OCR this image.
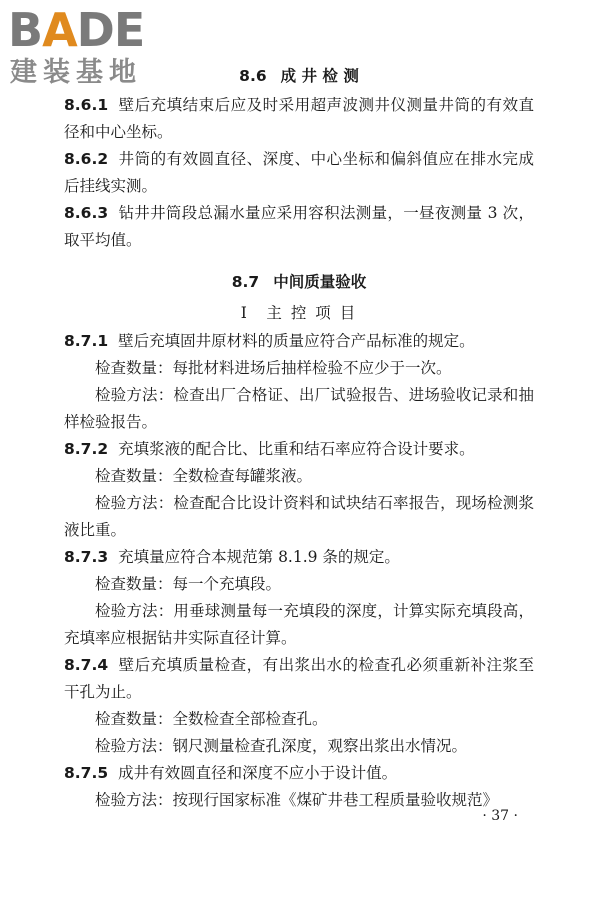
BADE
建装基地	8.6 成 井 检 测

8.6.1 壁后充填结束后应及时采用超声波测井仪测量井筒的有效直径和中心坐标。

8.6.2 井筒的有效圆直径、深度、中心坐标和偏斜值应在排水完成后挂线实测。

8.6.3 钻井井筒段总漏水量应采用容积法测量，一昼夜测量 3 次，取平均值。

8.7 中间质量验收

Ⅰ　主 控 项 目

8.7.1 壁后充填固井原材料的质量应符合产品标准的规定。

检查数量：每批材料进场后抽样检验不应少于一次。

检验方法：检查出厂合格证、出厂试验报告、进场验收记录和抽样检验报告。

8.7.2 充填浆液的配合比、比重和结石率应符合设计要求。

检查数量：全数检查每罐浆液。

检验方法：检查配合比设计资料和试块结石率报告，现场检测浆液比重。

8.7.3 充填量应符合本规范第 8.1.9 条的规定。

检查数量：每一个充填段。

检验方法：用垂球测量每一充填段的深度，计算实际充填段高，充填率应根据钻井实际直径计算。

8.7.4 壁后充填质量检查，有出浆出水的检查孔必须重新补注浆至干孔为止。

检查数量：全数检查全部检查孔。

检验方法：钢尺测量检查孔深度，观察出浆出水情况。

8.7.5 成井有效圆直径和深度不应小于设计值。

检验方法：按现行国家标准《煤矿井巷工程质量验收规范》

· 37 ·
